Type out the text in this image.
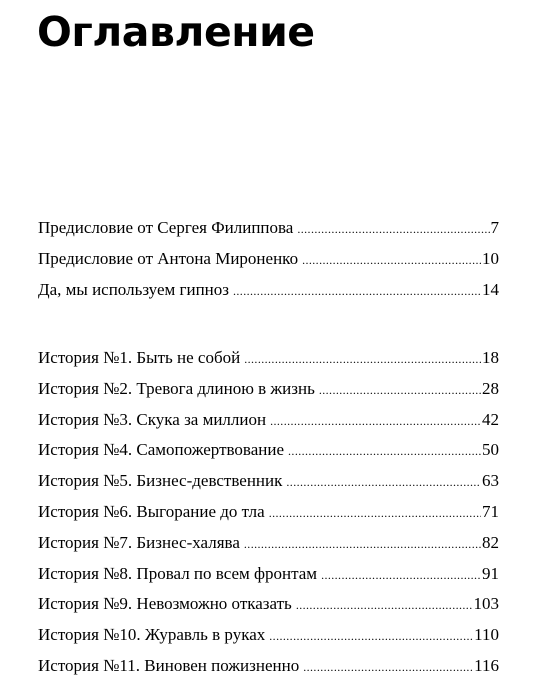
Оглавление
Предисловие от Сергея Филиппова .....	7
Предисловие от Антона Мироненко .....	10
Да, мы используем гипноз .....	14
История №1. Быть не собой .....	18
История №2. Тревога длиною в жизнь .....	28
История №3. Скука за миллион .....	42
История №4. Самопожертвование .....	50
История №5. Бизнес-девственник .....	63
История №6. Выгорание до тла .....	71
История №7. Бизнес-халява .....	82
История №8. Провал по всем фронтам .....	91
История №9. Невозможно отказать .....	103
История №10. Журавль в руках .....	110
История №11. Виновен пожизненно .....	116
